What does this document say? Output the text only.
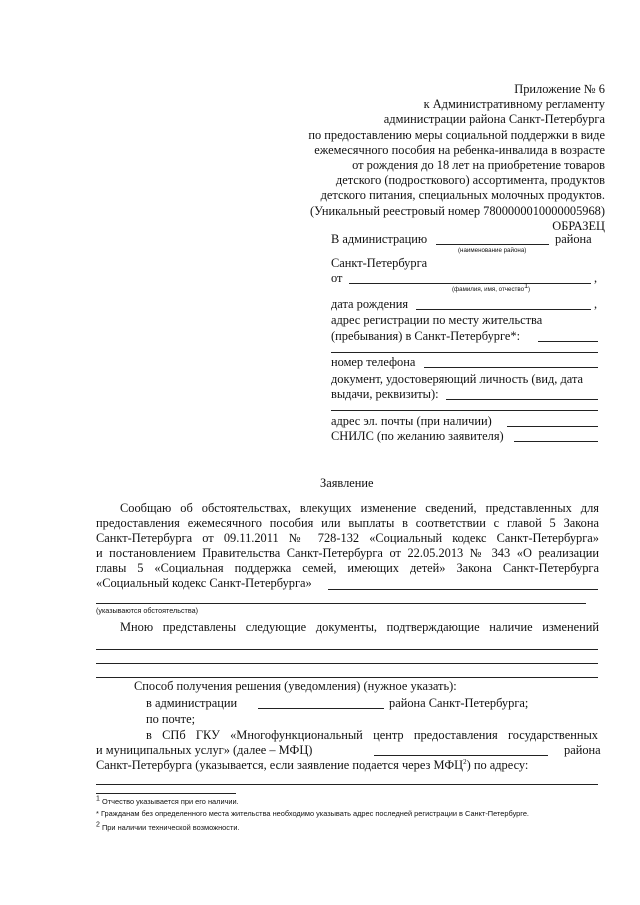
Приложение № 6
к Административному регламенту
администрации района Санкт-Петербурга
по предоставлению меры социальной поддержки в виде
ежемесячного пособия на ребенка-инвалида в возрасте
от рождения до 18 лет на приобретение товаров
детского (подросткового) ассортимента, продуктов
детского питания, специальных молочных продуктов.
(Уникальный реестровый номер 7800000010000005968)
ОБРАЗЕЦ
В администрацию	района
(наименование района)
Санкт-Петербурга
от	,
(фамилия, имя, отчество$^1$)
дата рождения	,
адрес регистрации по месту жительства
(пребывания) в Санкт-Петербурге*:
номер телефона
документ, удостоверяющий личность (вид, дата
выдачи, реквизиты):
адрес эл. почты (при наличии)
СНИЛС (по желанию заявителя)
Заявление
Сообщаю об обстоятельствах, влекущих изменение сведений, представленных для
предоставления ежемесячного пособия или выплаты в соответствии с главой 5 Закона
Санкт-Петербурга от 09.11.2011 № 728-132 «Социальный кодекс Санкт-Петербурга»
и постановлением Правительства Санкт-Петербурга от 22.05.2013 № 343 «О реализации
главы 5 «Социальная поддержка семей, имеющих детей» Закона Санкт-Петербурга
«Социальный кодекс Санкт-Петербурга»
(указываются обстоятельства)
Мною представлены следующие документы, подтверждающие наличие изменений
Способ получения решения (уведомления) (нужное указать):
в администрации	района Санкт-Петербурга;
по почте;
в СПб ГКУ «Многофункциональный центр предоставления государственных
и муниципальных услуг» (далее – МФЦ)	района
Санкт-Петербурга (указывается, если заявление подается через МФЦ$^2$) по адресу:
$^1$ Отчество указывается при его наличии.
* Гражданам без определенного места жительства необходимо указывать адрес последней регистрации в Санкт-Петербурге.
$^2$ При наличии технической возможности.
